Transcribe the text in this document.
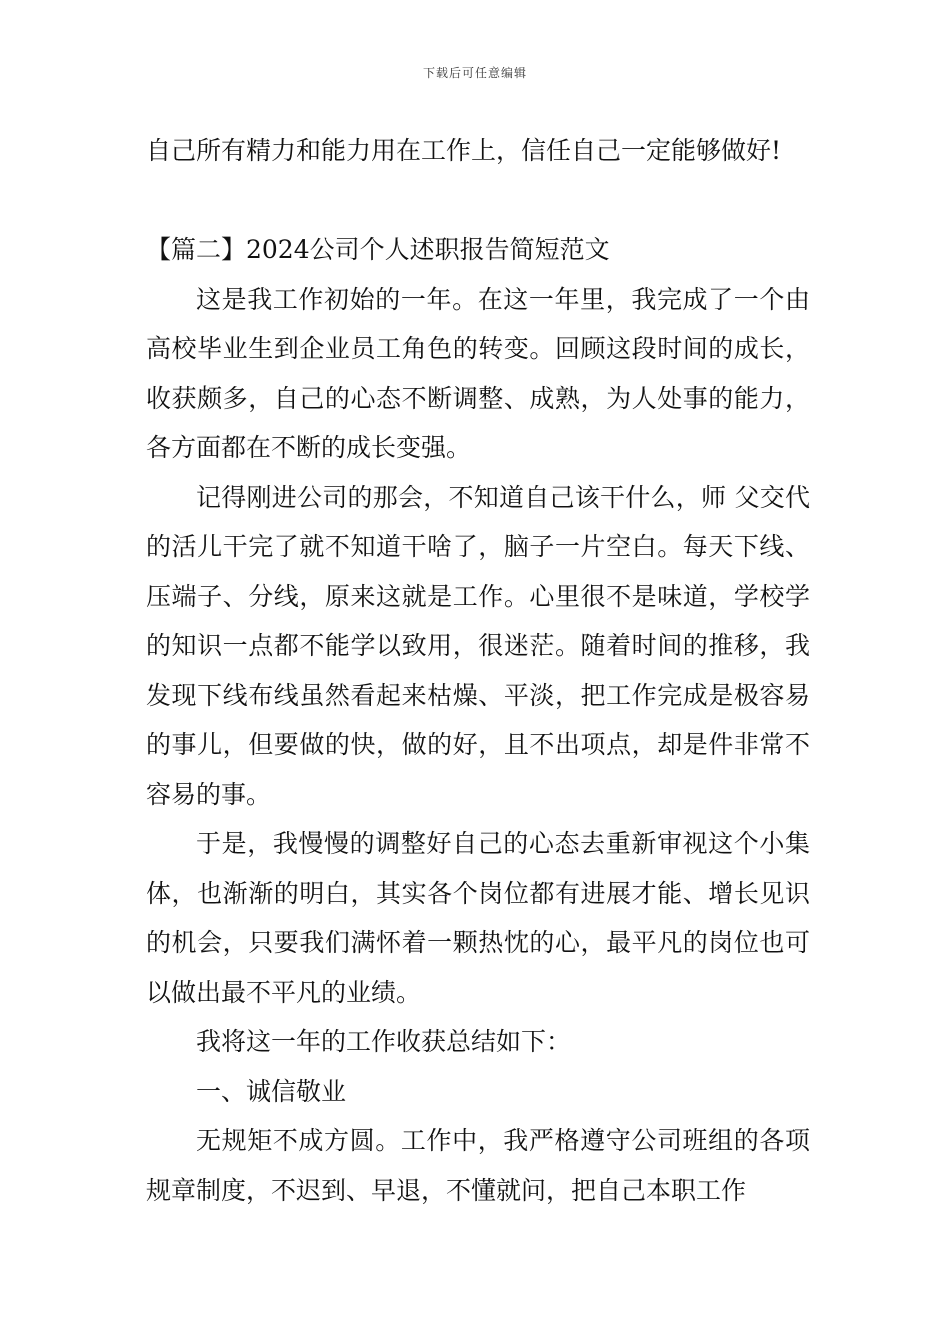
下载后可任意编辑

自己所有精力和能力用在工作上，信任自己一定能够做好!

【篇二】2024公司个人述职报告简短范文

这是我工作初始的一年。在这一年里，我完成了一个由高校毕业生到企业员工角色的转变。回顾这段时间的成长，收获颇多，自己的心态不断调整、成熟，为人处事的能力，各方面都在不断的成长变强。

记得刚进公司的那会，不知道自己该干什么，师 父交代的活儿干完了就不知道干啥了，脑子一片空白。每天下线、压端子、分线，原来这就是工作。心里很不是味道，学校学的知识一点都不能学以致用，很迷茫。随着时间的推移，我发现下线布线虽然看起来枯燥、平淡，把工作完成是极容易的事儿，但要做的快，做的好，且不出项点，却是件非常不容易的事。

于是，我慢慢的调整好自己的心态去重新审视这个小集体，也渐渐的明白，其实各个岗位都有进展才能、增长见识的机会，只要我们满怀着一颗热忱的心，最平凡的岗位也可以做出最不平凡的业绩。

我将这一年的工作收获总结如下：

一、诚信敬业

无规矩不成方圆。工作中，我严格遵守公司班组的各项规章制度，不迟到、早退，不懂就问，把自己本职工作
